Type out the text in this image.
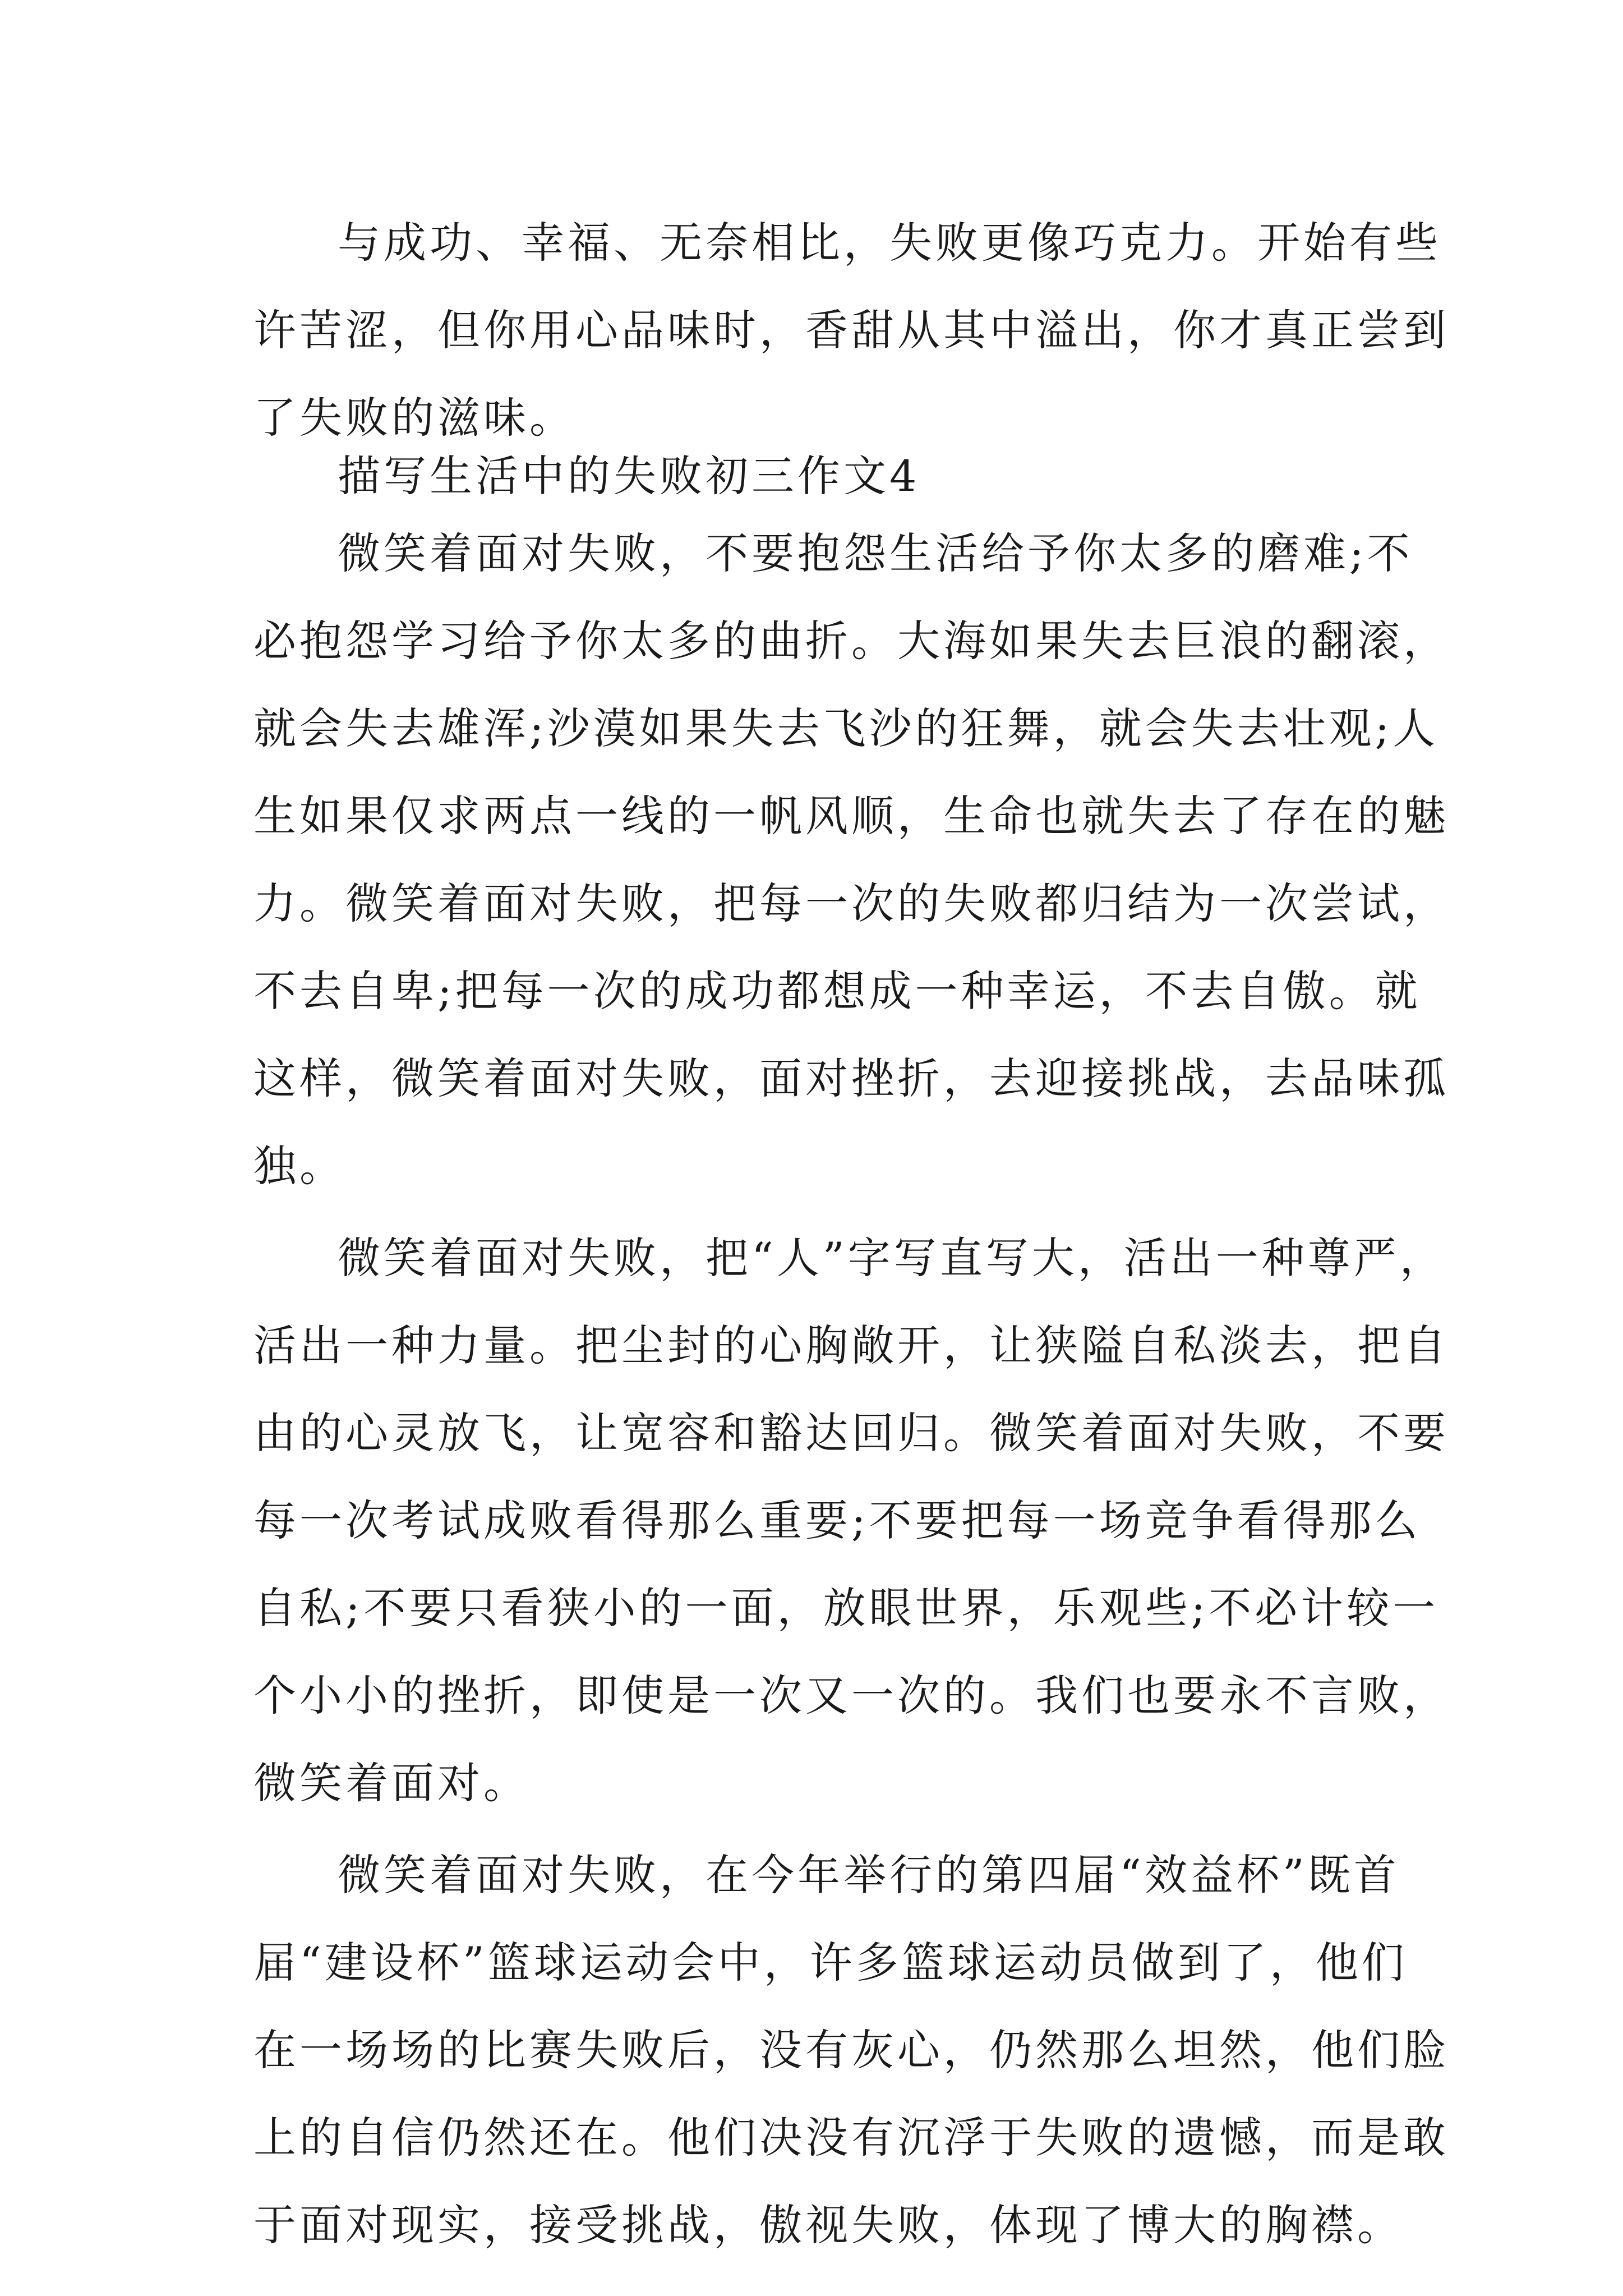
与成功、幸福、无奈相比，失败更像巧克力。开始有些
许苦涩，但你用心品味时，香甜从其中溢出，你才真正尝到
了失败的滋味。
描写生活中的失败初三作文4
微笑着面对失败，不要抱怨生活给予你太多的磨难;不
必抱怨学习给予你太多的曲折。大海如果失去巨浪的翻滚，
就会失去雄浑;沙漠如果失去飞沙的狂舞，就会失去壮观;人
生如果仅求两点一线的一帆风顺，生命也就失去了存在的魅
力。微笑着面对失败，把每一次的失败都归结为一次尝试，
不去自卑;把每一次的成功都想成一种幸运，不去自傲。就
这样，微笑着面对失败，面对挫折，去迎接挑战，去品味孤
独。
微笑着面对失败，把“人”字写直写大，活出一种尊严，
活出一种力量。把尘封的心胸敞开，让狭隘自私淡去，把自
由的心灵放飞，让宽容和豁达回归。微笑着面对失败，不要
每一次考试成败看得那么重要;不要把每一场竞争看得那么
自私;不要只看狭小的一面，放眼世界，乐观些;不必计较一
个小小的挫折，即使是一次又一次的。我们也要永不言败，
微笑着面对。
微笑着面对失败，在今年举行的第四届“效益杯”既首
届“建设杯”篮球运动会中，许多篮球运动员做到了，他们
在一场场的比赛失败后，没有灰心，仍然那么坦然，他们脸
上的自信仍然还在。他们决没有沉浮于失败的遗憾，而是敢
于面对现实，接受挑战，傲视失败，体现了博大的胸襟。
